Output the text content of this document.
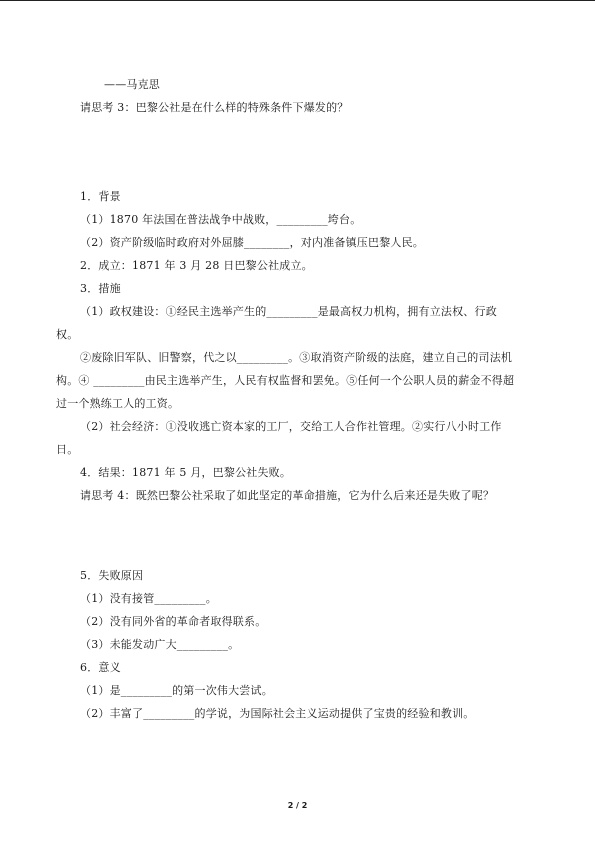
——马克思
请思考 3：巴黎公社是在什么样的特殊条件下爆发的？
1．背景
（1）1870 年法国在普法战争中战败，_________垮台。
（2）资产阶级临时政府对外屈膝________，对内准备镇压巴黎人民。
2．成立：1871 年 3 月 28 日巴黎公社成立。
3．措施
（1）政权建设：①经民主选举产生的_________是最高权力机构，拥有立法权、行政
权。
②废除旧军队、旧警察，代之以_________。③取消资产阶级的法庭，建立自己的司法机
构。④ _________由民主选举产生，人民有权监督和罢免。⑤任何一个公职人员的薪金不得超
过一个熟练工人的工资。
（2）社会经济：①没收逃亡资本家的工厂，交给工人合作社管理。②实行八小时工作
日。
4．结果：1871 年 5 月，巴黎公社失败。
请思考 4：既然巴黎公社采取了如此坚定的革命措施，它为什么后来还是失败了呢？
5．失败原因
（1）没有接管_________。
（2）没有同外省的革命者取得联系。
（3）未能发动广大_________。
6．意义
（1）是_________的第一次伟大尝试。
（2）丰富了_________的学说，为国际社会主义运动提供了宝贵的经验和教训。
2 / 2
